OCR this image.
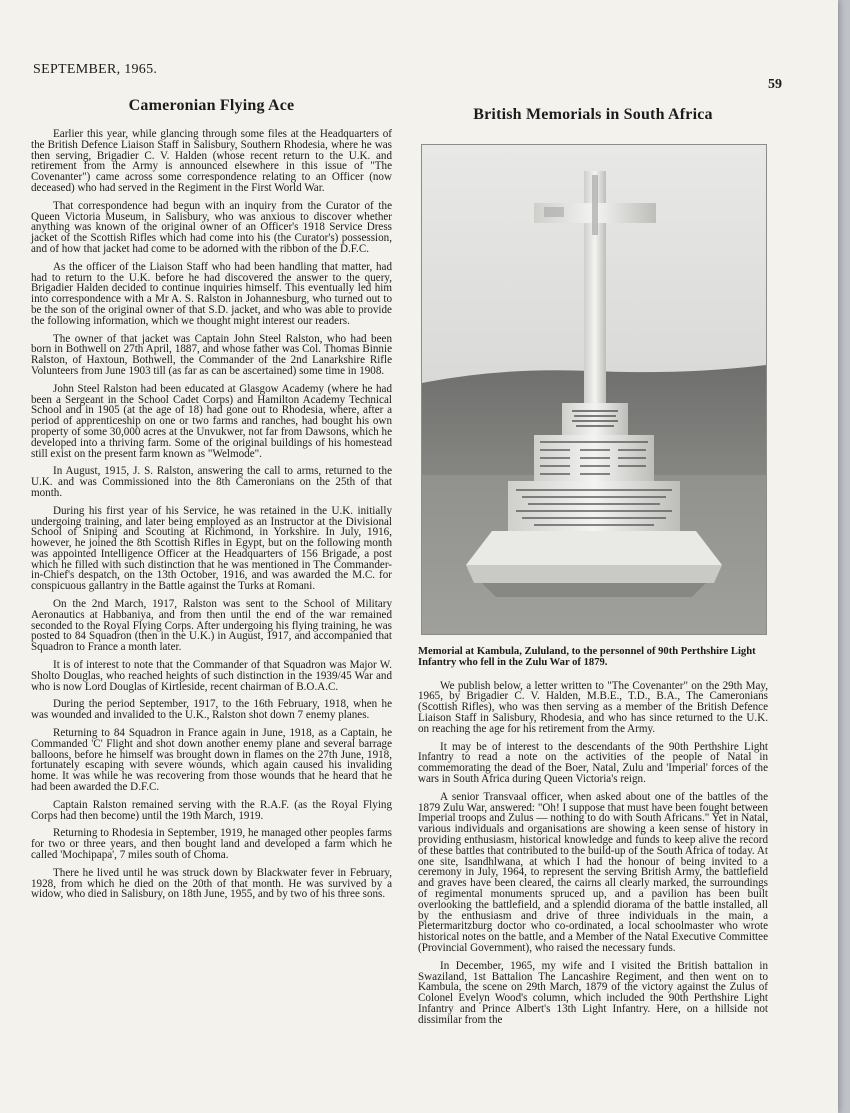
SEPTEMBER, 1965.
59
Cameronian Flying Ace

Earlier this year, while glancing through some files at the Headquarters of the British Defence Liaison Staff in Salisbury, Southern Rhodesia, where he was then serving, Brigadier C. V. Halden (whose recent return to the U.K. and retirement from the Army is announced elsewhere in this issue of "The Covenanter") came across some correspondence relating to an Officer (now deceased) who had served in the Regiment in the First World War.

That correspondence had begun with an inquiry from the Curator of the Queen Victoria Museum, in Salisbury, who was anxious to discover whether anything was known of the original owner of an Officer's 1918 Service Dress jacket of the Scottish Rifles which had come into his (the Curator's) possession, and of how that jacket had come to be adorned with the ribbon of the D.F.C.

As the officer of the Liaison Staff who had been handling that matter, had had to return to the U.K. before he had discovered the answer to the query, Brigadier Halden decided to continue inquiries himself. This eventually led him into correspondence with a Mr A. S. Ralston in Johannesburg, who turned out to be the son of the original owner of that S.D. jacket, and who was able to provide the following information, which we thought might interest our readers.

The owner of that jacket was Captain John Steel Ralston, who had been born in Bothwell on 27th April, 1887, and whose father was Col. Thomas Binnie Ralston, of Haxtoun, Bothwell, the Commander of the 2nd Lanarkshire Rifle Volunteers from June 1903 till (as far as can be ascertained) some time in 1908.

John Steel Ralston had been educated at Glasgow Academy (where he had been a Sergeant in the School Cadet Corps) and Hamilton Academy Technical School and in 1905 (at the age of 18) had gone out to Rhodesia, where, after a period of apprenticeship on one or two farms and ranches, had bought his own property of some 30,000 acres at the Unvukwer, not far from Dawsons, which he developed into a thriving farm. Some of the original buildings of his homestead still exist on the present farm known as "Welmode".

In August, 1915, J. S. Ralston, answering the call to arms, returned to the U.K. and was Commissioned into the 8th Cameronians on the 25th of that month.

During his first year of his Service, he was retained in the U.K. initially undergoing training, and later being employed as an Instructor at the Divisional School of Sniping and Scouting at Richmond, in Yorkshire. In July, 1916, however, he joined the 8th Scottish Rifles in Egypt, but on the following month was appointed Intelligence Officer at the Headquarters of 156 Brigade, a post which he filled with such distinction that he was mentioned in The Commander-in-Chief's despatch, on the 13th October, 1916, and was awarded the M.C. for conspicuous gallantry in the Battle against the Turks at Romani.

On the 2nd March, 1917, Ralston was sent to the School of Military Aeronautics at Habbaniya, and from then until the end of the war remained seconded to the Royal Flying Corps. After undergoing his flying training, he was posted to 84 Squadron (then in the U.K.) in August, 1917, and accompanied that Squadron to France a month later.

It is of interest to note that the Commander of that Squadron was Major W. Sholto Douglas, who reached heights of such distinction in the 1939/45 War and who is now Lord Douglas of Kirtleside, recent chairman of B.O.A.C.

During the period September, 1917, to the 16th February, 1918, when he was wounded and invalided to the U.K., Ralston shot down 7 enemy planes.

Returning to 84 Squadron in France again in June, 1918, as a Captain, he Commanded 'C' Flight and shot down another enemy plane and several barrage balloons, before he himself was brought down in flames on the 27th June, 1918, fortunately escaping with severe wounds, which again caused his invaliding home. It was while he was recovering from those wounds that he heard that he had been awarded the D.F.C.

Captain Ralston remained serving with the R.A.F. (as the Royal Flying Corps had then become) until the 19th March, 1919.

Returning to Rhodesia in September, 1919, he managed other peoples farms for two or three years, and then bought land and developed a farm which he called 'Mochipapa', 7 miles south of Choma.

There he lived until he was struck down by Blackwater fever in February, 1928, from which he died on the 20th of that month. He was survived by a widow, who died in Salisbury, on 18th June, 1955, and by two of his three sons.

British Memorials in South Africa

Memorial at Kambula, Zululand, to the personnel of 90th Perthshire Light Infantry who fell in the Zulu War of 1879.

We publish below, a letter written to "The Covenanter" on the 29th May, 1965, by Brigadier C. V. Halden, M.B.E., T.D., B.A., The Cameronians (Scottish Rifles), who was then serving as a member of the British Defence Liaison Staff in Salisbury, Rhodesia, and who has since returned to the U.K. on reaching the age for his retirement from the Army.

It may be of interest to the descendants of the 90th Perthshire Light Infantry to read a note on the activities of the people of Natal in commemorating the dead of the Boer, Natal, Zulu and 'Imperial' forces of the wars in South Africa during Queen Victoria's reign.

A senior Transvaal officer, when asked about one of the battles of the 1879 Zulu War, answered: "Oh! I suppose that must have been fought between Imperial troops and Zulus — nothing to do with South Africans." Yet in Natal, various individuals and organisations are showing a keen sense of history in providing enthusiasm, historical knowledge and funds to keep alive the record of these battles that contributed to the build-up of the South Africa of today. At one site, Isandhlwana, at which I had the honour of being invited to a ceremony in July, 1964, to represent the serving British Army, the battlefield and graves have been cleared, the cairns all clearly marked, the surroundings of regimental monuments spruced up, and a pavilion has been built overlooking the battlefield, and a splendid diorama of the battle installed, all by the enthusiasm and drive of three individuals in the main, a Pietermaritzburg doctor who co-ordinated, a local schoolmaster who wrote historical notes on the battle, and a Member of the Natal Executive Committee (Provincial Government), who raised the necessary funds.

In December, 1965, my wife and I visited the British battalion in Swaziland, 1st Battalion The Lancashire Regiment, and then went on to Kambula, the scene on 29th March, 1879 of the victory against the Zulus of Colonel Evelyn Wood's column, which included the 90th Perthshire Light Infantry and Prince Albert's 13th Light Infantry. Here, on a hillside not dissimilar from the
